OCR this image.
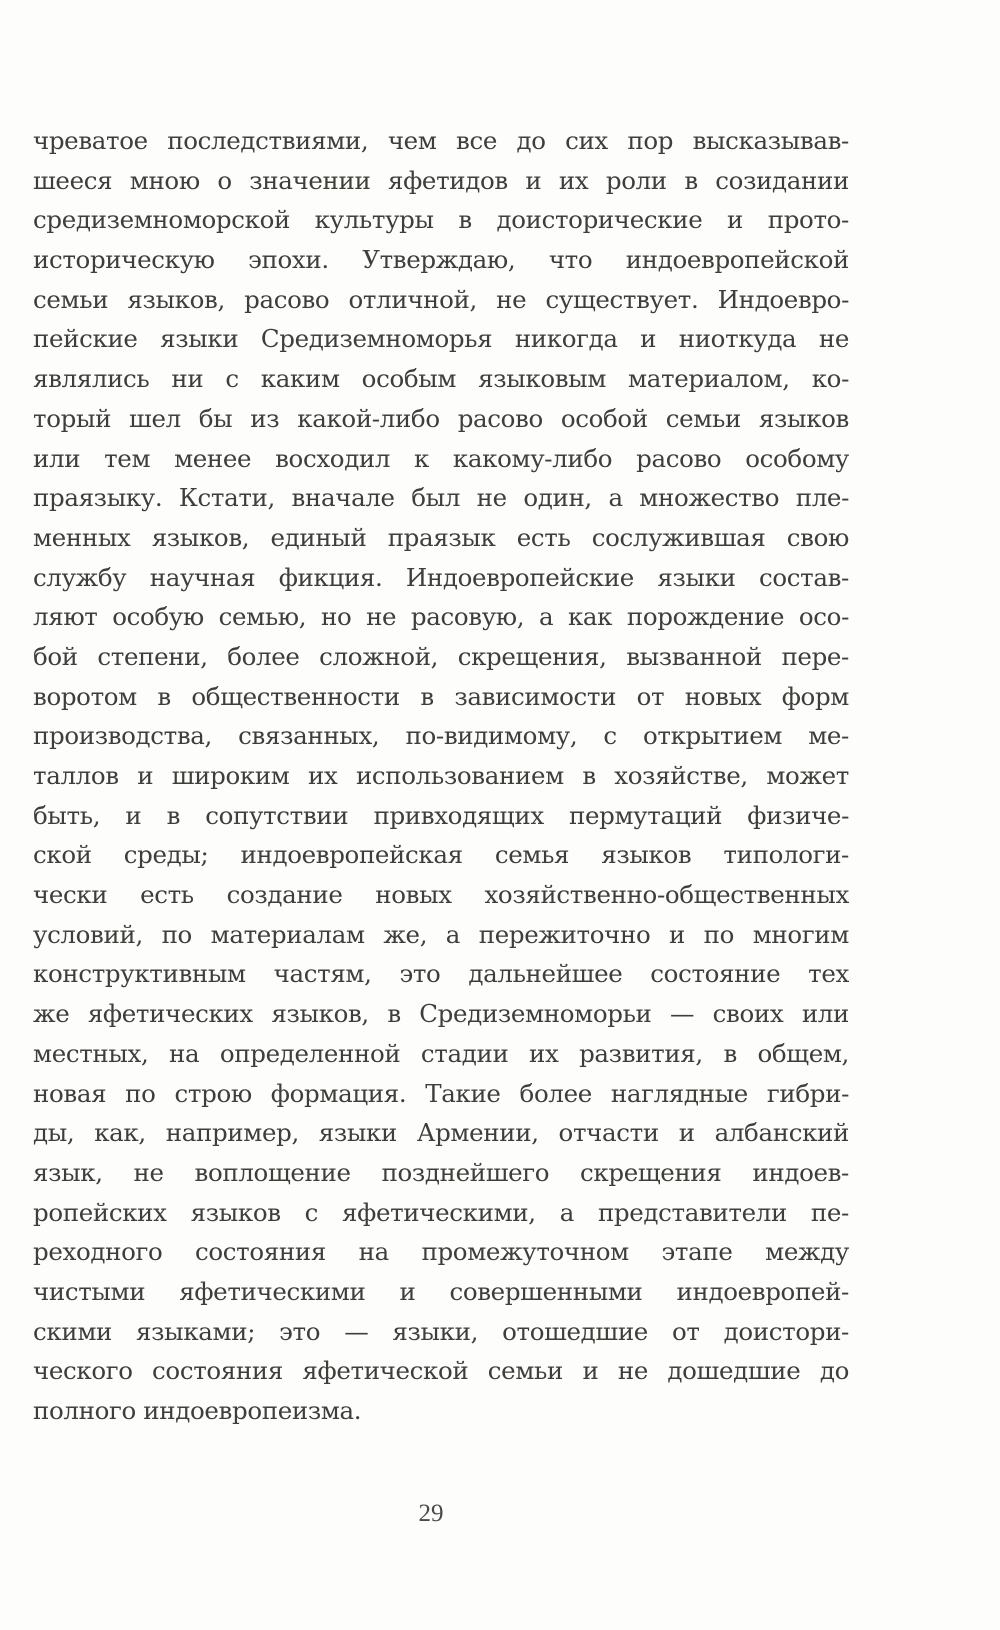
чреватое последствиями, чем все до сих пор высказывав-
шееся мною о значении яфетидов и их роли в созидании
средиземноморской культуры в доисторические и прото-
историческую эпохи. Утверждаю, что индоевропейской
семьи языков, расово отличной, не существует. Индоевро-
пейские языки Средиземноморья никогда и ниоткуда не
являлись ни с каким особым языковым материалом, ко-
торый шел бы из какой-либо расово особой семьи языков
или тем менее восходил к какому-либо расово особому
праязыку. Кстати, вначале был не один, а множество пле-
менных языков, единый праязык есть сослужившая свою
службу научная фикция. Индоевропейские языки состав-
ляют особую семью, но не расовую, а как порождение осо-
бой степени, более сложной, скрещения, вызванной пере-
воротом в общественности в зависимости от новых форм
производства, связанных, по-видимому, с открытием ме-
таллов и широким их использованием в хозяйстве, может
быть, и в сопутствии привходящих пермутаций физиче-
ской среды; индоевропейская семья языков типологи-
чески есть создание новых хозяйственно-общественных
условий, по материалам же, а пережиточно и по многим
конструктивным частям, это дальнейшее состояние тех
же яфетических языков, в Средиземноморьи — своих или
местных, на определенной стадии их развития, в общем,
новая по строю формация. Такие более наглядные гибри-
ды, как, например, языки Армении, отчасти и албанский
язык, не воплощение позднейшего скрещения индоев-
ропейских языков с яфетическими, а представители пе-
реходного состояния на промежуточном этапе между
чистыми яфетическими и совершенными индоевропей-
скими языками; это — языки, отошедшие от доистори-
ческого состояния яфетической семьи и не дошедшие до
полного индоевропеизма.
29
